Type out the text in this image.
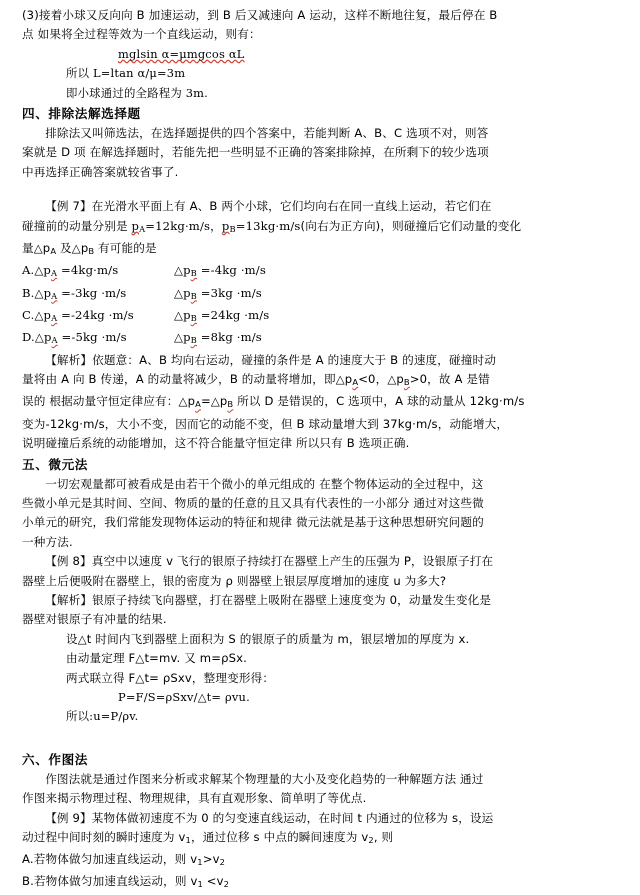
(3)接着小球又反向向 B 加速运动，到 B 后又减速向 A 运动，这样不断地往复，最后停在 B

点 如果将全过程等效为一个直线运动，则有：

mglsin α=μmgcos αL

所以 L=ltan α/μ=3m

即小球通过的全路程为 3m.

四、排除法解选择题

排除法又叫筛选法，在选择题提供的四个答案中，若能判断 A、B、C 选项不对，则答

案就是 D 项 在解选择题时，若能先把一些明显不正确的答案排除掉，在所剩下的较少选项

中再选择正确答案就较省事了.

【例 7】在光滑水平面上有 A、B 两个小球，它们均向右在同一直线上运动，若它们在

碰撞前的动量分别是 $p_A=12kg\cdot m/s$，$p_B=13kg\cdot m/s$(向右为正方向)，则碰撞后它们动量的变化

量$\triangle p_A$ 及$\triangle p_B$ 有可能的是

$A.\triangle p_A =4kg\cdot m/s$	$\triangle p_B =-4kg \cdot m/s$

$B.\triangle p_A =-3kg \cdot m/s$	$\triangle p_B =3kg \cdot m/s$

$C.\triangle p_A =-24kg \cdot m/s$	$\triangle p_B =24kg \cdot m/s$

$D.\triangle p_A =-5kg \cdot m/s$	$\triangle p_B =8kg \cdot m/s$

【解析】依题意：A、B 均向右运动，碰撞的条件是 A 的速度大于 B 的速度，碰撞时动

量将由 A 向 B 传递，A 的动量将减少，B 的动量将增加，即$\triangle p_A<0$，$\triangle p_B>0$，故 A 是错

误的 根据动量守恒定律应有：$\triangle p_A=\triangle p_B$ 所以 D 是错误的，C 选项中，A 球的动量从 12kg·m/s

变为-12kg·m/s，大小不变，因而它的动能不变，但 B 球动量增大到 37kg·m/s，动能增大，

说明碰撞后系统的动能增加，这不符合能量守恒定律 所以只有 B 选项正确.

五、微元法

一切宏观量都可被看成是由若干个微小的单元组成的 在整个物体运动的全过程中，这

些微小单元是其时间、空间、物质的量的任意的且又具有代表性的一小部分 通过对这些微

小单元的研究，我们常能发现物体运动的特征和规律 微元法就是基于这种思想研究问题的

一种方法.

【例 8】真空中以速度 v 飞行的银原子持续打在器壁上产生的压强为 P，设银原子打在

器壁上后便吸附在器壁上，银的密度为 ρ 则器壁上银层厚度增加的速度 u 为多大?

【解析】银原子持续飞向器壁，打在器壁上吸附在器壁上速度变为 0，动量发生变化是

器壁对银原子有冲量的结果.

设△t 时间内飞到器壁上面积为 S 的银原子的质量为 m，银层增加的厚度为 x.

由动量定理 F△t=mv. 又 m=ρSx.

两式联立得 F△t= ρSxv，整理变形得：

P=F/S=ρSxv/△t= ρvu.

所以:u=P/ρv.

六、作图法

作图法就是通过作图来分析或求解某个物理量的大小及变化趋势的一种解题方法 通过

作图来揭示物理过程、物理规律，具有直观形象、简单明了等优点.

【例 9】某物体做初速度不为 0 的匀变速直线运动，在时间 t 内通过的位移为 s，设运

动过程中间时刻的瞬时速度为 $v_1$，通过位移 s 中点的瞬间速度为 $v_2$, 则

A.若物体做匀加速直线运动，则 $v_1>v_2$

B.若物体做匀加速直线运动，则 $v_1 <v_2$
